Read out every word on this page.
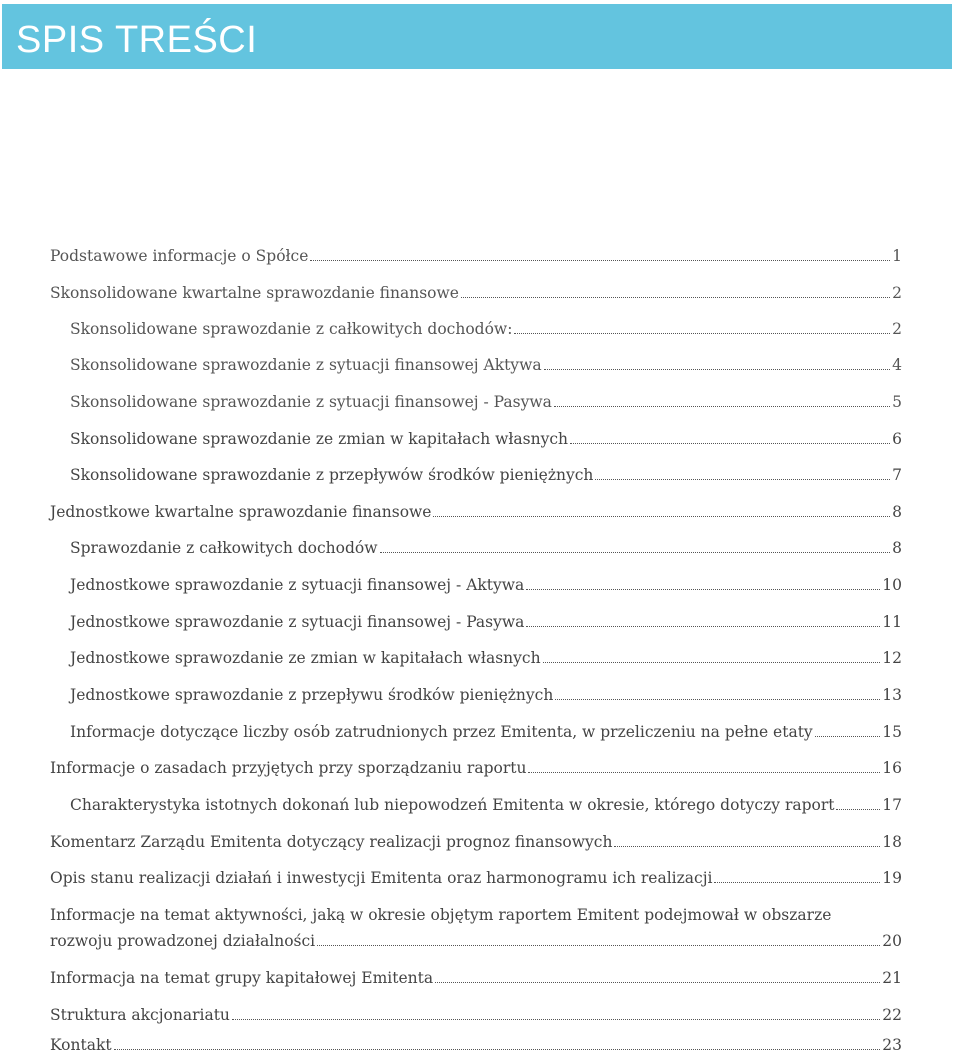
SPIS TREŚCI
Podstawowe informacje o Spółce	1
Skonsolidowane kwartalne sprawozdanie finansowe	2
Skonsolidowane sprawozdanie z całkowitych dochodów:	2
Skonsolidowane sprawozdanie z sytuacji finansowej Aktywa	4
Skonsolidowane sprawozdanie z sytuacji finansowej - Pasywa	5
Skonsolidowane sprawozdanie ze zmian w kapitałach własnych	6
Skonsolidowane sprawozdanie z przepływów środków pieniężnych	7
Jednostkowe kwartalne sprawozdanie finansowe	8
Sprawozdanie z całkowitych dochodów	8
Jednostkowe sprawozdanie z sytuacji finansowej - Aktywa	10
Jednostkowe sprawozdanie z sytuacji finansowej - Pasywa	11
Jednostkowe sprawozdanie ze zmian w kapitałach własnych	12
Jednostkowe sprawozdanie z przepływu środków pieniężnych	13
Informacje dotyczące liczby osób zatrudnionych przez Emitenta, w przeliczeniu na pełne etaty	15
Informacje o zasadach przyjętych przy sporządzaniu raportu	16
Charakterystyka istotnych dokonań lub niepowodzeń Emitenta w okresie, którego dotyczy raport	17
Komentarz Zarządu Emitenta dotyczący realizacji prognoz finansowych	18
Opis stanu realizacji działań i inwestycji Emitenta oraz harmonogramu ich realizacji	19
Informacje na temat aktywności, jaką w okresie objętym raportem Emitent podejmował w obszarze
rozwoju prowadzonej działalności	20
Informacja na temat grupy kapitałowej Emitenta	21
Struktura akcjonariatu	22
Kontakt	23
